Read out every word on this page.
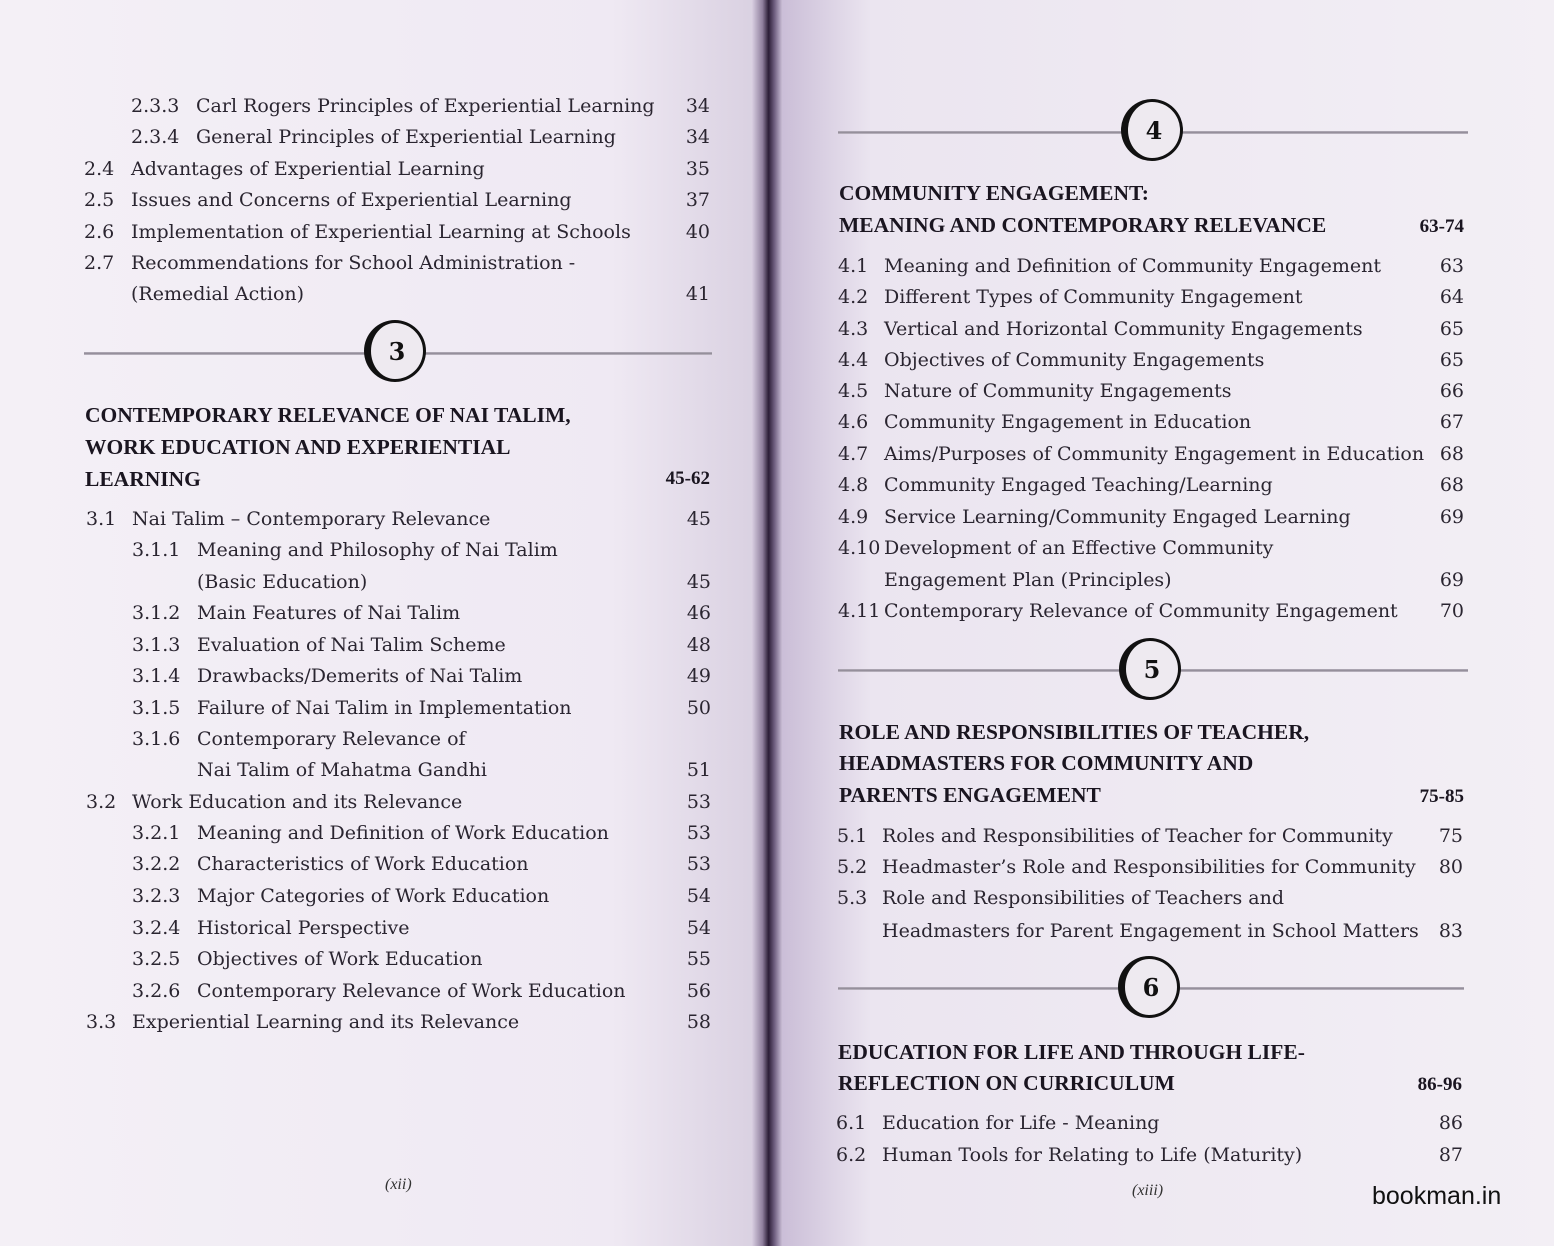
2.3.3 Carl Rogers Principles of Experiential Learning	34
2.3.4 General Principles of Experiential Learning	34
2.4 Advantages of Experiential Learning	35
2.5 Issues and Concerns of Experiential Learning	37
2.6 Implementation of Experiential Learning at Schools	40
2.7 Recommendations for School Administration -
(Remedial Action)	41
3
CONTEMPORARY RELEVANCE OF NAI TALIM,
WORK EDUCATION AND EXPERIENTIAL
LEARNING	45-62
3.1 Nai Talim – Contemporary Relevance	45
3.1.1 Meaning and Philosophy of Nai Talim
(Basic Education)	45
3.1.2 Main Features of Nai Talim	46
3.1.3 Evaluation of Nai Talim Scheme	48
3.1.4 Drawbacks/Demerits of Nai Talim	49
3.1.5 Failure of Nai Talim in Implementation	50
3.1.6 Contemporary Relevance of
Nai Talim of Mahatma Gandhi	51
3.2 Work Education and its Relevance	53
3.2.1 Meaning and Definition of Work Education	53
3.2.2 Characteristics of Work Education	53
3.2.3 Major Categories of Work Education	54
3.2.4 Historical Perspective	54
3.2.5 Objectives of Work Education	55
3.2.6 Contemporary Relevance of Work Education	56
3.3 Experiential Learning and its Relevance	58
(xii)
4
COMMUNITY ENGAGEMENT:
MEANING AND CONTEMPORARY RELEVANCE	63-74
4.1 Meaning and Definition of Community Engagement	63
4.2 Different Types of Community Engagement	64
4.3 Vertical and Horizontal Community Engagements	65
4.4 Objectives of Community Engagements	65
4.5 Nature of Community Engagements	66
4.6 Community Engagement in Education	67
4.7 Aims/Purposes of Community Engagement in Education 68
4.8 Community Engaged Teaching/Learning	68
4.9 Service Learning/Community Engaged Learning	69
4.10 Development of an Effective Community
Engagement Plan (Principles)	69
4.11 Contemporary Relevance of Community Engagement	70
5
ROLE AND RESPONSIBILITIES OF TEACHER,
HEADMASTERS FOR COMMUNITY AND
PARENTS ENGAGEMENT	75-85
5.1 Roles and Responsibilities of Teacher for Community	75
5.2 Headmaster’s Role and Responsibilities for Community	80
5.3 Role and Responsibilities of Teachers and
Headmasters for Parent Engagement in School Matters	83
6
EDUCATION FOR LIFE AND THROUGH LIFE-
REFLECTION ON CURRICULUM	86-96
6.1 Education for Life - Meaning	86
6.2 Human Tools for Relating to Life (Maturity)	87
(xiii)	bookman.in
